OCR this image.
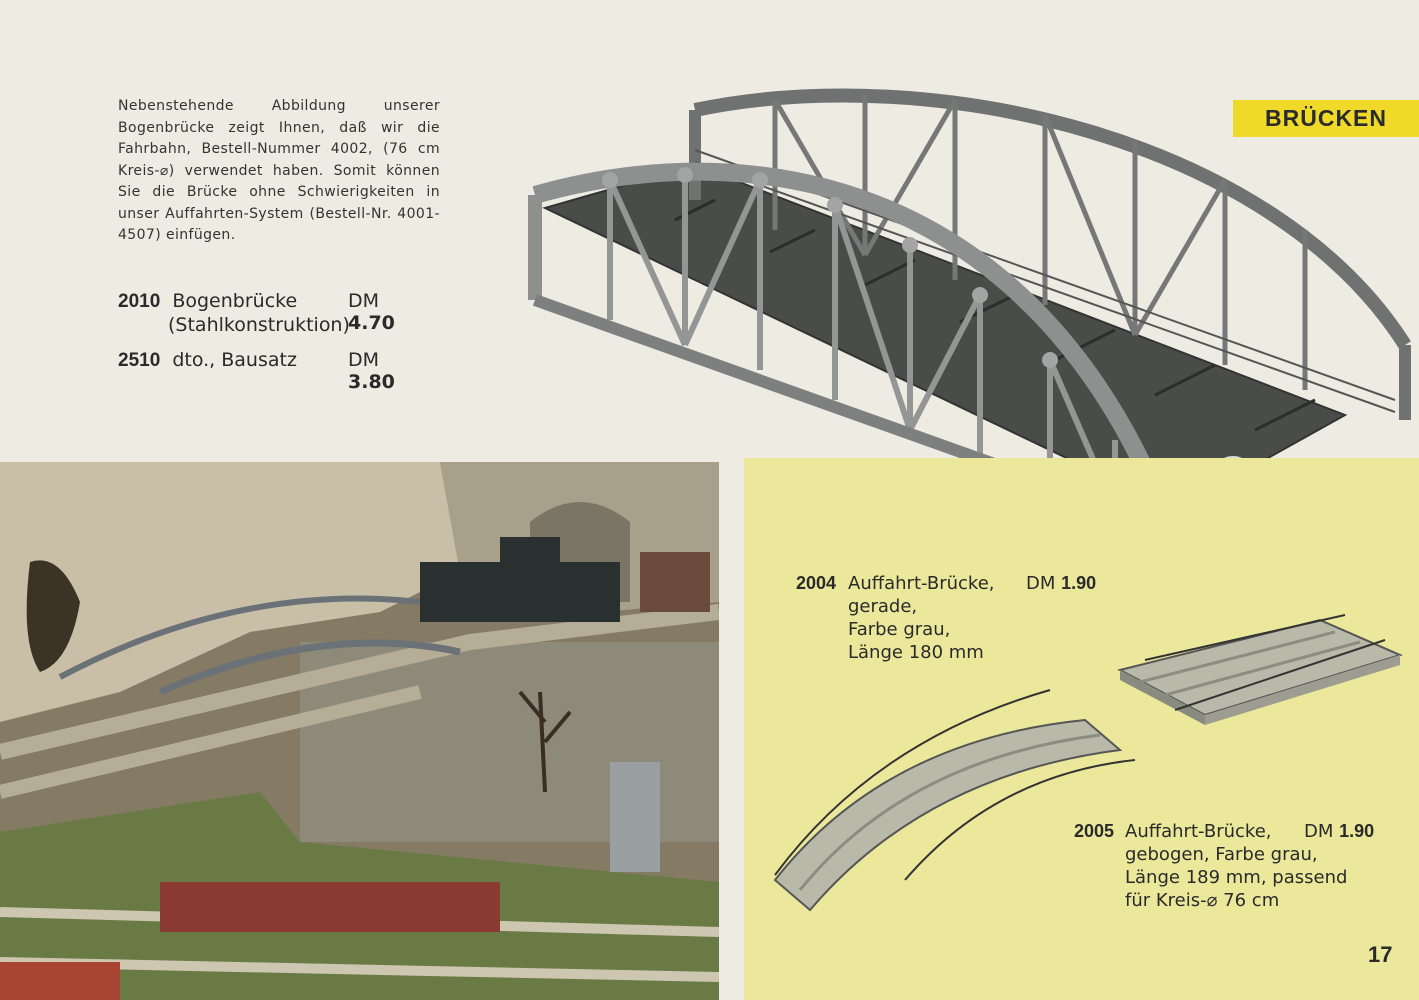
Nebenstehende Abbildung unserer Bogenbrücke zeigt Ihnen, daß wir die Fahrbahn, Bestell-Nummer 4002, (76 cm Kreis-⌀) verwendet haben. Somit können Sie die Brücke ohne Schwierigkeiten in unser Auffahrten-System (Bestell-Nr. 4001-4507) einfügen.
2010 Bogenbrücke	DM 4.70
(Stahlkonstruktion)
2510 dto., Bausatz	DM 3.80
BRÜCKEN
2004 Auffahrt-Brücke, DM 1.90
gerade,
Farbe grau,
Länge 180 mm
2005 Auffahrt-Brücke, DM 1.90
gebogen, Farbe grau,
Länge 189 mm, passend
für Kreis-⌀ 76 cm
17
